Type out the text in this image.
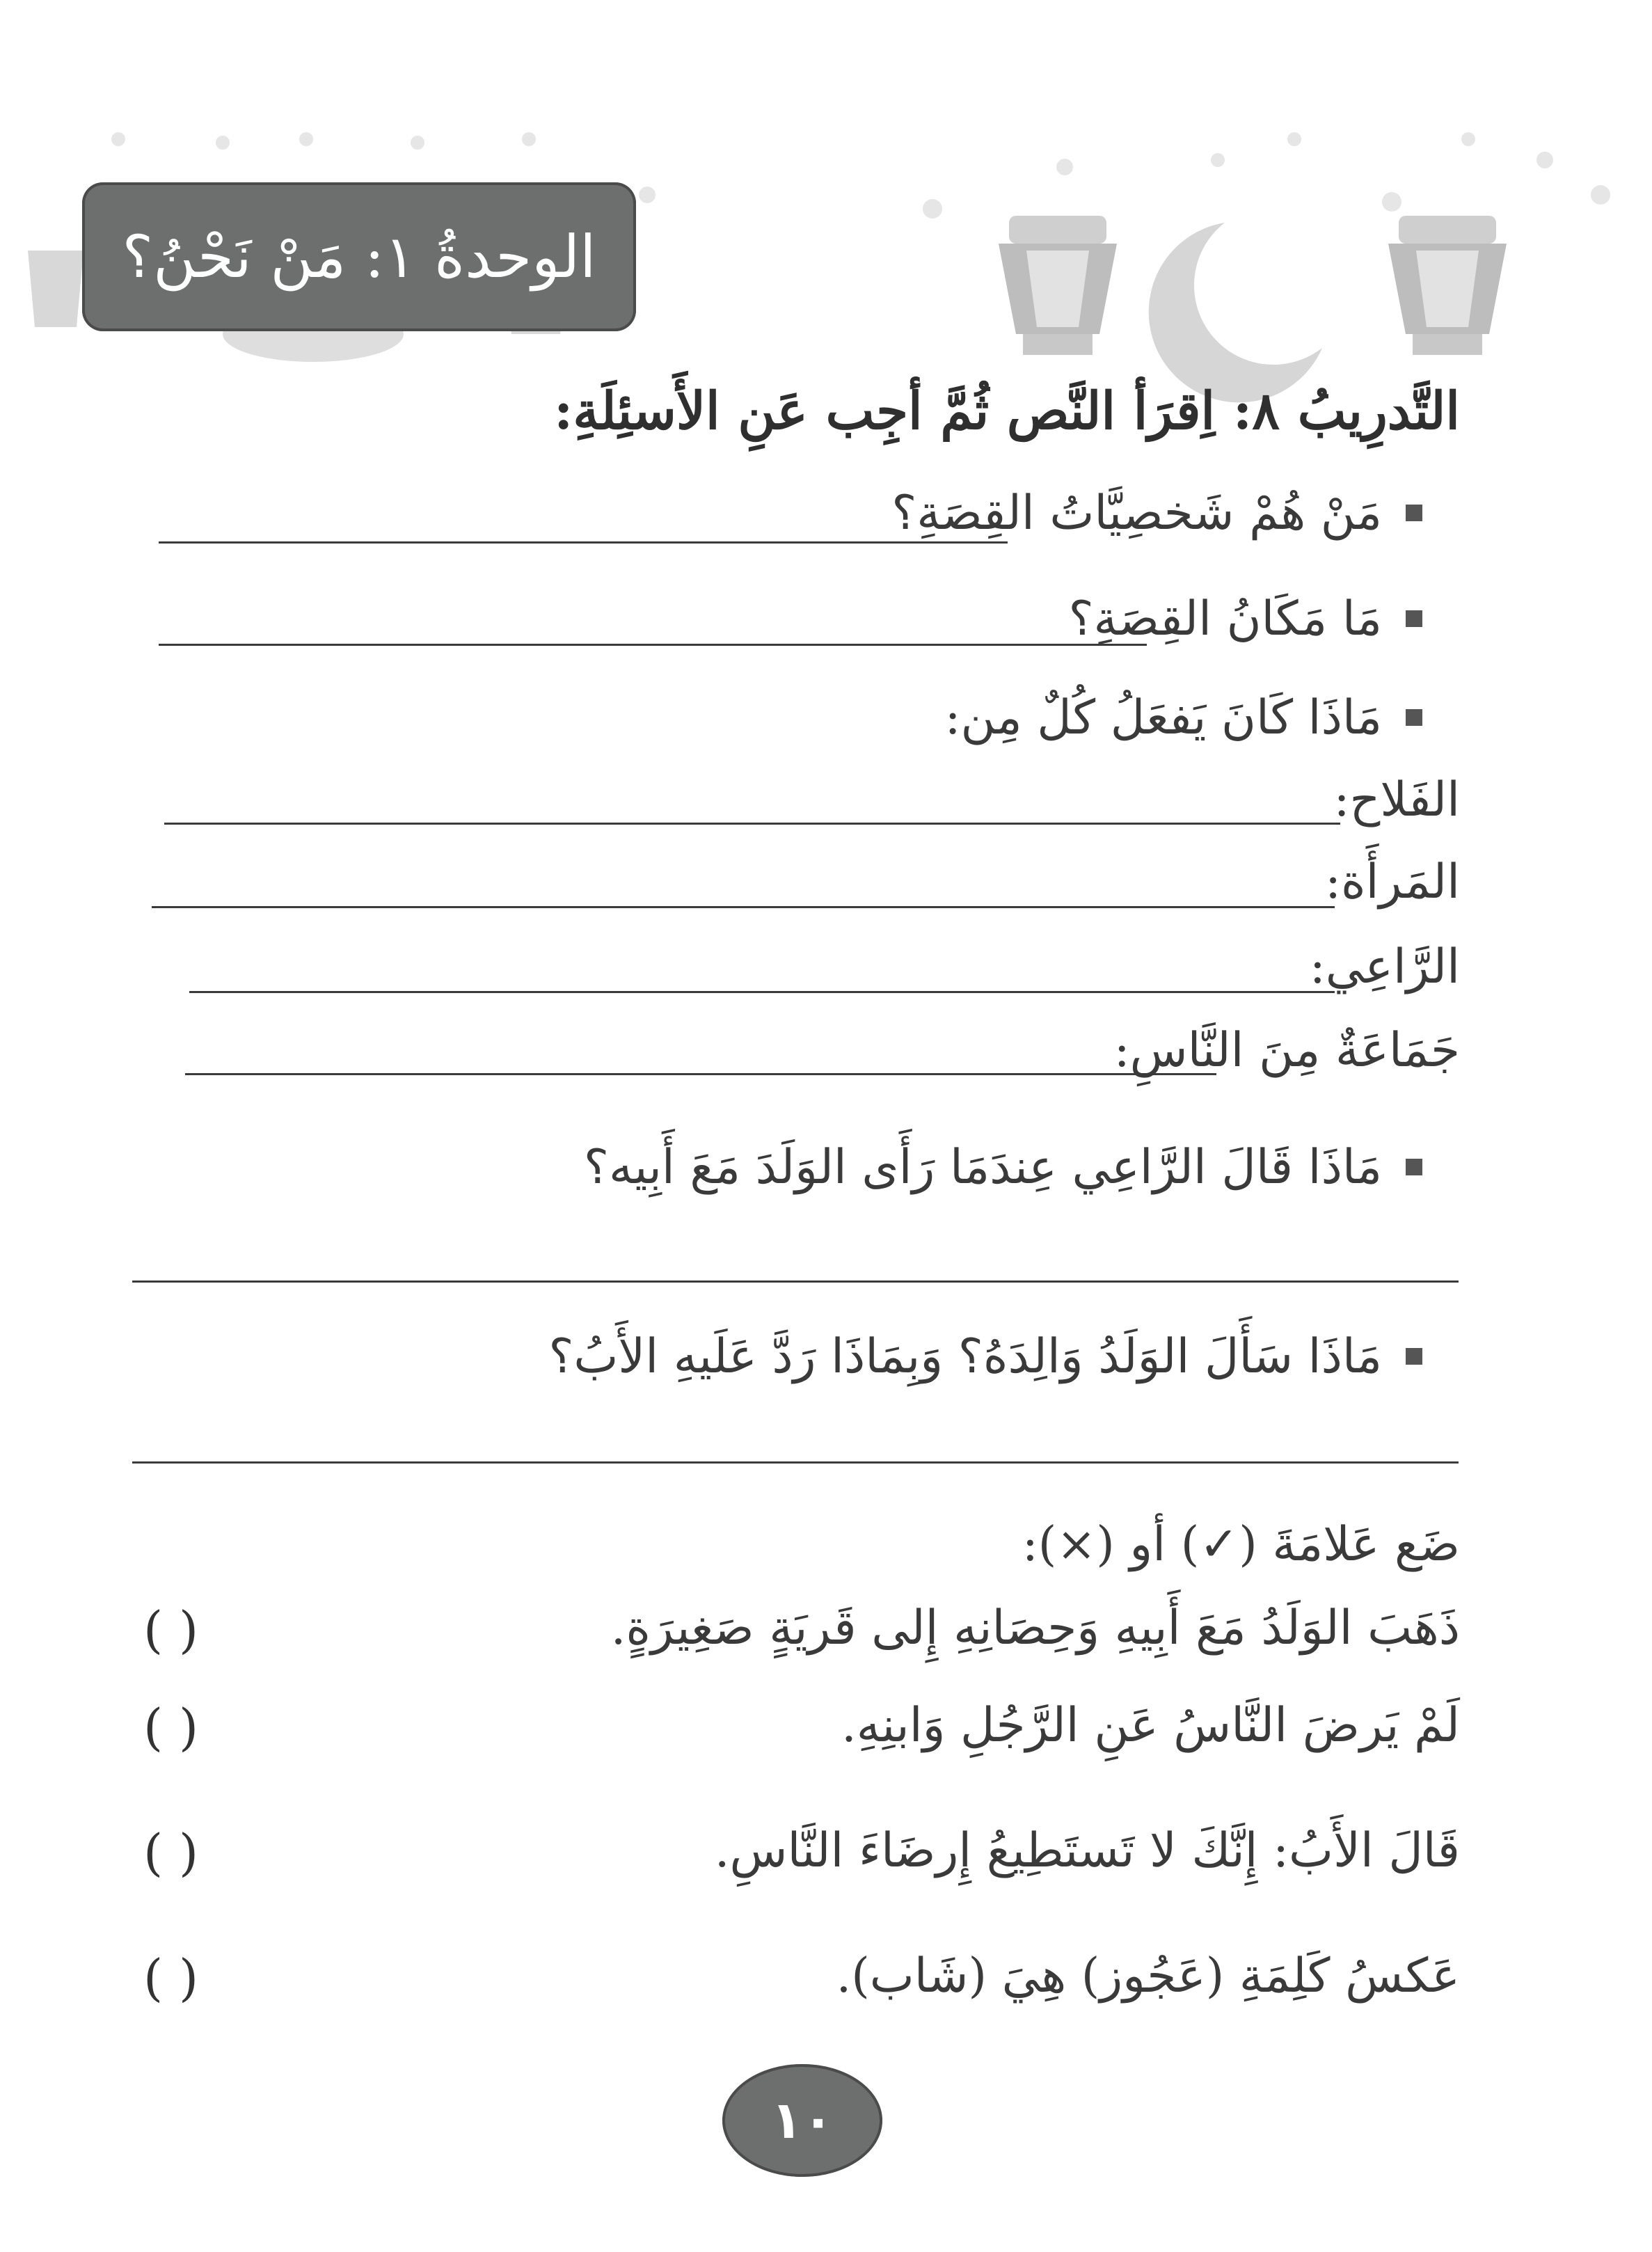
الوحدةُ ١: مَنْ نَحْنُ؟
التَّدرِيبُ ٨: اِقرَأ النَّص ثُمَّ أجِب عَنِ الأَسئِلَةِ:
مَنْ هُمْ شَخصِيَّاتُ القِصَةِ؟
مَا مَكَانُ القِصَةِ؟
مَاذَا كَانَ يَفعَلُ كُلٌ مِن:
الفَلاح:
المَرأَة:
الرَّاعِي:
جَمَاعَةٌ مِنَ النَّاسِ:
مَاذَا قَالَ الرَّاعِي عِندَمَا رَأَى الوَلَدَ مَعَ أَبِيه؟
مَاذَا سَأَلَ الوَلَدُ وَالِدَهُ؟ وَبِمَاذَا رَدَّ عَلَيهِ الأَبُ؟
ضَع عَلامَةَ (✓) أو (×):
ذَهَبَ الوَلَدُ مَعَ أَبِيهِ وَحِصَانِهِ إِلى قَريَةٍ صَغِيرَةٍ.
( )
لَمْ يَرضَ النَّاسُ عَنِ الرَّجُلِ وَابنِهِ.
( )
قَالَ الأَبُ: إِنَّكَ لا تَستَطِيعُ إِرضَاءَ النَّاسِ.
( )
عَكسُ كَلِمَةِ (عَجُوز) هِيَ (شَاب).
( )
١٠
